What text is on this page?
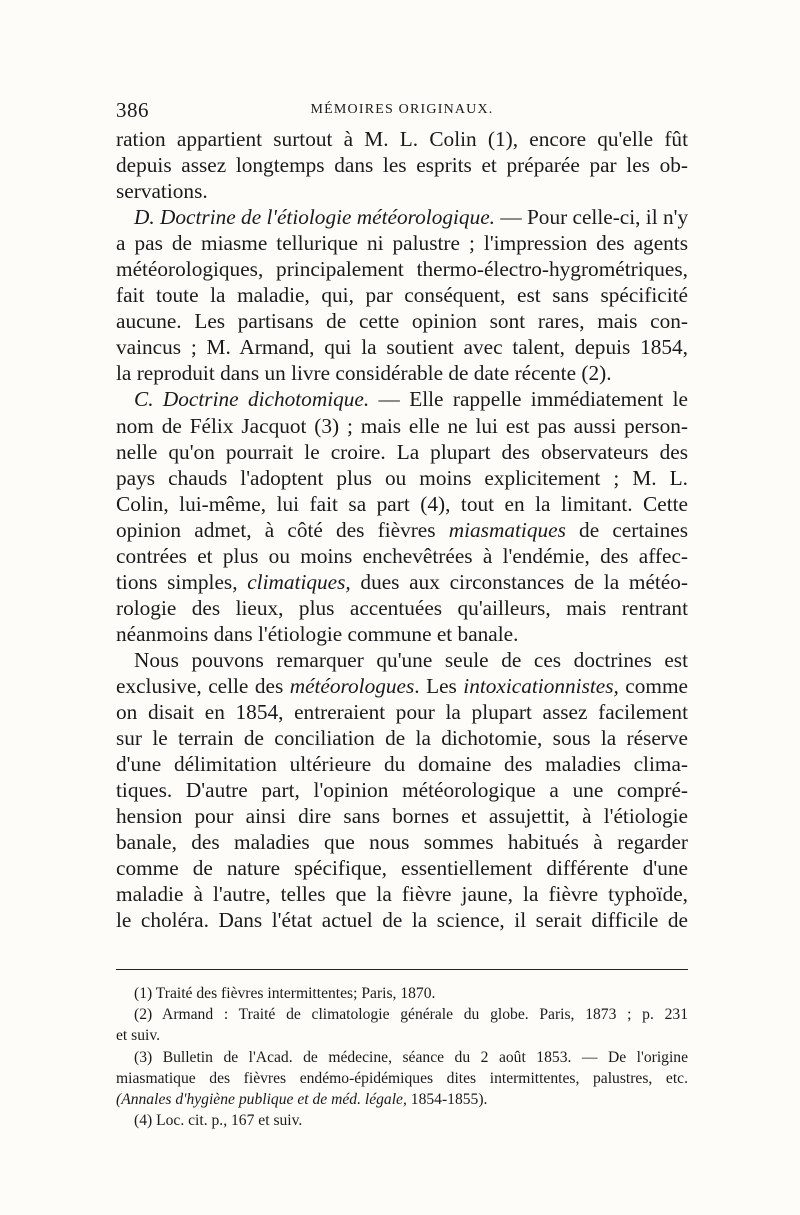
386	MÉMOIRES ORIGINAUX.
ration appartient surtout à M. L. Colin (1), encore qu'elle fût
depuis assez longtemps dans les esprits et préparée par les ob-
servations.
D. Doctrine de l'étiologie météorologique. — Pour celle-ci, il n'y
a pas de miasme tellurique ni palustre ; l'impression des agents
météorologiques, principalement thermo-électro-hygrométriques,
fait toute la maladie, qui, par conséquent, est sans spécificité
aucune. Les partisans de cette opinion sont rares, mais con-
vaincus ; M. Armand, qui la soutient avec talent, depuis 1854,
la reproduit dans un livre considérable de date récente (2).
C. Doctrine dichotomique. — Elle rappelle immédiatement le
nom de Félix Jacquot (3) ; mais elle ne lui est pas aussi person-
nelle qu'on pourrait le croire. La plupart des observateurs des
pays chauds l'adoptent plus ou moins explicitement ; M. L.
Colin, lui-même, lui fait sa part (4), tout en la limitant. Cette
opinion admet, à côté des fièvres miasmatiques de certaines
contrées et plus ou moins enchevêtrées à l'endémie, des affec-
tions simples, climatiques, dues aux circonstances de la météo-
rologie des lieux, plus accentuées qu'ailleurs, mais rentrant
néanmoins dans l'étiologie commune et banale.
Nous pouvons remarquer qu'une seule de ces doctrines est
exclusive, celle des météorologues. Les intoxicationnistes, comme
on disait en 1854, entreraient pour la plupart assez facilement
sur le terrain de conciliation de la dichotomie, sous la réserve
d'une délimitation ultérieure du domaine des maladies clima-
tiques. D'autre part, l'opinion météorologique a une compré-
hension pour ainsi dire sans bornes et assujettit, à l'étiologie
banale, des maladies que nous sommes habitués à regarder
comme de nature spécifique, essentiellement différente d'une
maladie à l'autre, telles que la fièvre jaune, la fièvre typhoïde,
le choléra. Dans l'état actuel de la science, il serait difficile de
(1) Traité des fièvres intermittentes; Paris, 1870.
(2) Armand : Traité de climatologie générale du globe. Paris, 1873 ; p. 231
et suiv.
(3) Bulletin de l'Acad. de médecine, séance du 2 août 1853. — De l'origine
miasmatique des fièvres endémo-épidémiques dites intermittentes, palustres, etc.
(Annales d'hygiène publique et de méd. légale, 1854-1855).
(4) Loc. cit. p., 167 et suiv.
